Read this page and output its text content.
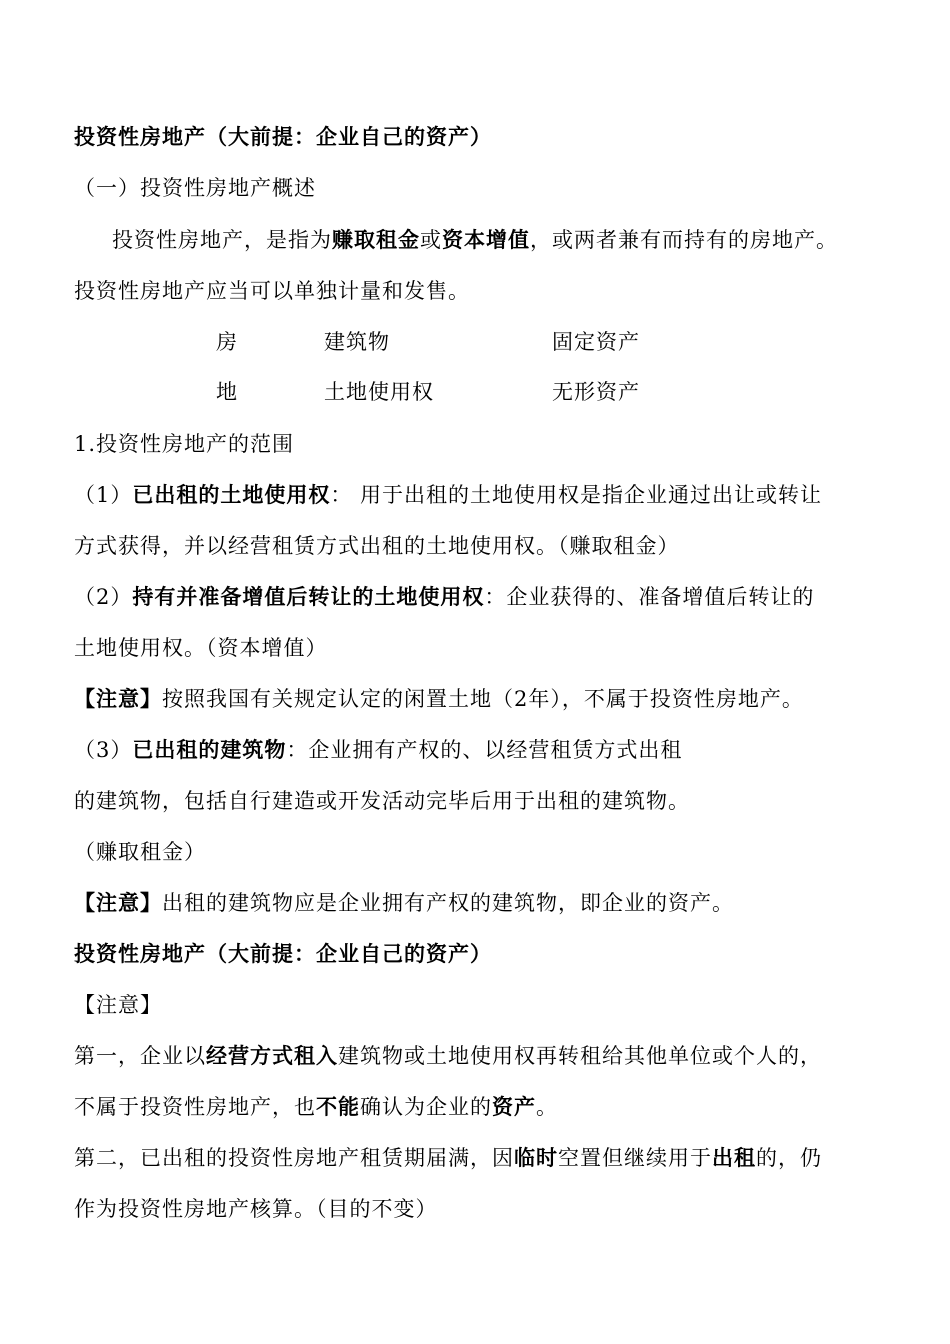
投资性房地产（大前提：企业自己的资产）
（一）投资性房地产概述
投资性房地产，是指为赚取租金或资本增值，或两者兼有而持有的房地产。
投资性房地产应当可以单独计量和发售。
房	建筑物	固定资产
地	土地使用权	无形资产
1.投资性房地产的范围
（1）已出租的土地使用权： 用于出租的土地使用权是指企业通过出让或转让
方式获得，并以经营租赁方式出租的土地使用权。（赚取租金）
（2）持有并准备增值后转让的土地使用权：企业获得的、准备增值后转让的
土地使用权。（资本增值）
【注意】按照我国有关规定认定的闲置土地（2年），不属于投资性房地产。
（3）已出租的建筑物：企业拥有产权的、以经营租赁方式出租
的建筑物，包括自行建造或开发活动完毕后用于出租的建筑物。
（赚取租金）
【注意】出租的建筑物应是企业拥有产权的建筑物，即企业的资产。
投资性房地产（大前提：企业自己的资产）
【注意】
第一，企业以经营方式租入建筑物或土地使用权再转租给其他单位或个人的，
不属于投资性房地产，也不能确认为企业的资产。
第二，已出租的投资性房地产租赁期届满，因临时空置但继续用于出租的，仍
作为投资性房地产核算。（目的不变）
